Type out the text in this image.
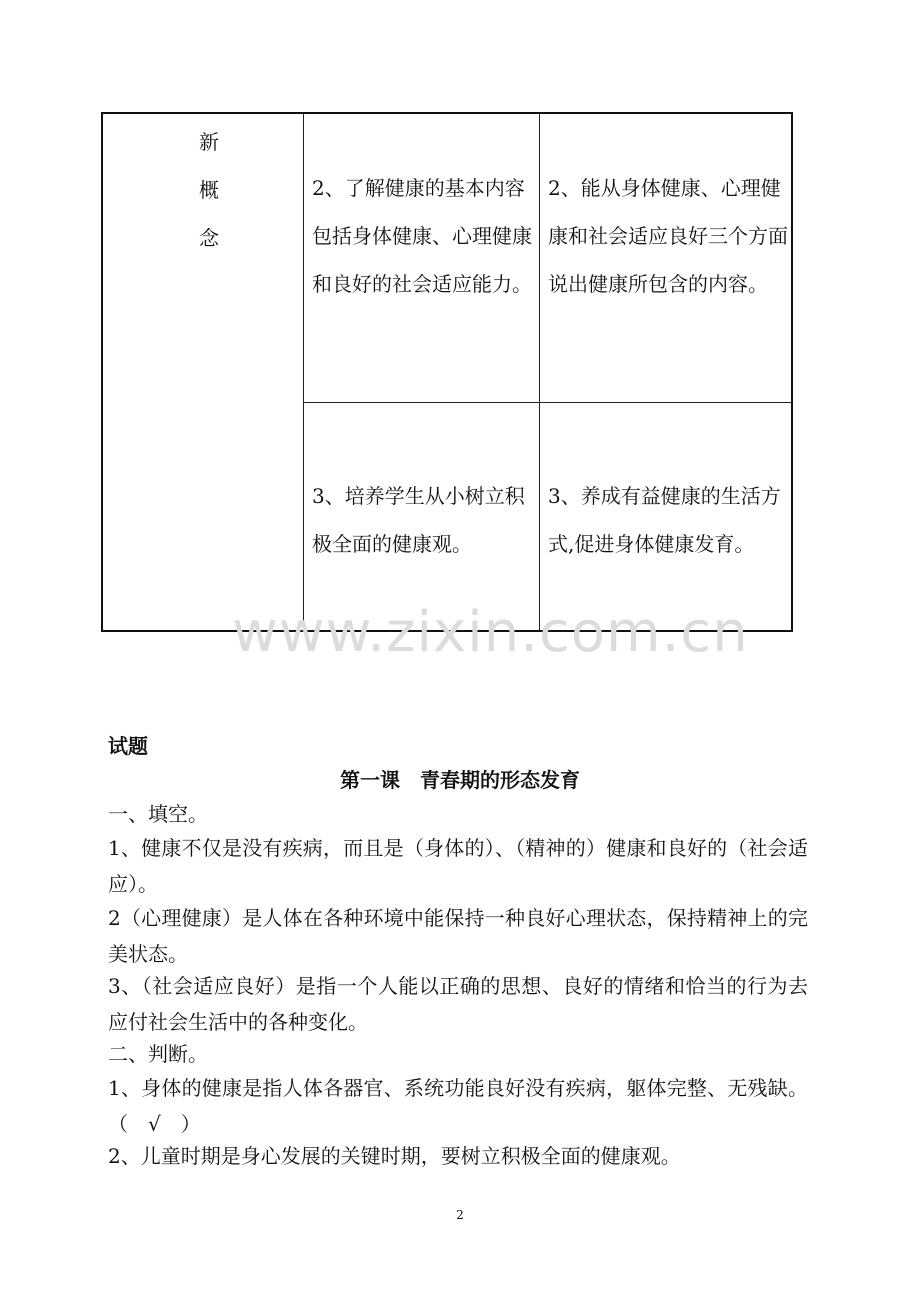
新
概
念

2、了解健康的基本内容包括身体健康、心理健康和良好的社会适应能力。

2、能从身体健康、心理健康和社会适应良好三个方面说出健康所包含的内容。

3、培养学生从小树立积极全面的健康观。

3、养成有益健康的生活方式,促进身体健康发育。

www.zixin.com.cn

试题

第一课　青春期的形态发育

一、填空。

1、健康不仅是没有疾病，而且是（身体的）、（精神的）健康和良好的（社会适应）。

2（心理健康）是人体在各种环境中能保持一种良好心理状态，保持精神上的完美状态。

3、（社会适应良好）是指一个人能以正确的思想、良好的情绪和恰当的行为去应付社会生活中的各种变化。

二、判断。

1、身体的健康是指人体各器官、系统功能良好没有疾病，躯体完整、无残缺。（　√　）

2、儿童时期是身心发展的关键时期，要树立积极全面的健康观。

2
